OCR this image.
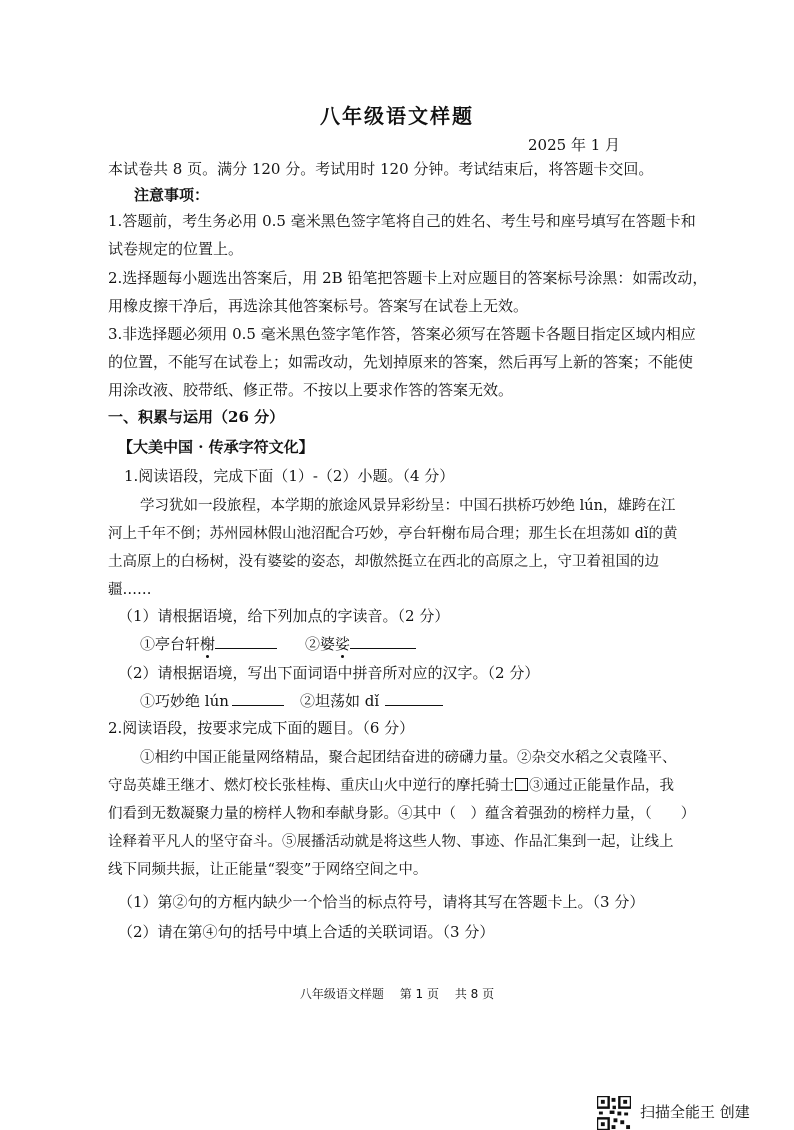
八年级语文样题
2025 年 1 月
本试卷共 8 页。满分 120 分。考试用时 120 分钟。考试结束后，将答题卡交回。
注意事项：
1.答题前，考生务必用 0.5 毫米黑色签字笔将自己的姓名、考生号和座号填写在答题卡和
试卷规定的位置上。
2.选择题每小题选出答案后，用 2B 铅笔把答题卡上对应题目的答案标号涂黑：如需改动，
用橡皮擦干净后，再选涂其他答案标号。答案写在试卷上无效。
3.非选择题必须用 0.5 毫米黑色签字笔作答，答案必须写在答题卡各题目指定区域内相应
的位置，不能写在试卷上；如需改动，先划掉原来的答案，然后再写上新的答案；不能使
用涂改液、胶带纸、修正带。不按以上要求作答的答案无效。
一、积累与运用（26 分）
【大美中国 · 传承字符文化】
1.阅读语段，完成下面（1）-（2）小题。（4 分）
学习犹如一段旅程，本学期的旅途风景异彩纷呈：中国石拱桥巧妙绝 lún，雄跨在江
河上千年不倒；苏州园林假山池沼配合巧妙，亭台轩榭布局合理；那生长在坦荡如 dǐ的黄
土高原上的白杨树，没有婆娑的姿态，却傲然挺立在西北的高原之上，守卫着祖国的边
疆……
（1）请根据语境，给下列加点的字读音。（2 分）
①亭台轩榭	②婆娑
（2）请根据语境，写出下面词语中拼音所对应的汉字。（2 分）
①巧妙绝 lún	②坦荡如 dǐ
2.阅读语段，按要求完成下面的题目。（6 分）
①相约中国正能量网络精品，聚合起团结奋进的磅礴力量。②杂交水稻之父袁隆平、
守岛英雄王继才、燃灯校长张桂梅、重庆山火中逆行的摩托骑士 ③通过正能量作品，我
们看到无数凝聚力量的榜样人物和奉献身影。④其中（　）蕴含着强劲的榜样力量，（　　）
诠释着平凡人的坚守奋斗。⑤展播活动就是将这些人物、事迹、作品汇集到一起，让线上
线下同频共振，让正能量“裂变”于网络空间之中。
（1）第②句的方框内缺少一个恰当的标点符号，请将其写在答题卡上。（3 分）
（2）请在第④句的括号中填上合适的关联词语。（3 分）
八年级语文样题 第 1 页 共 8 页
扫描全能王 创建
